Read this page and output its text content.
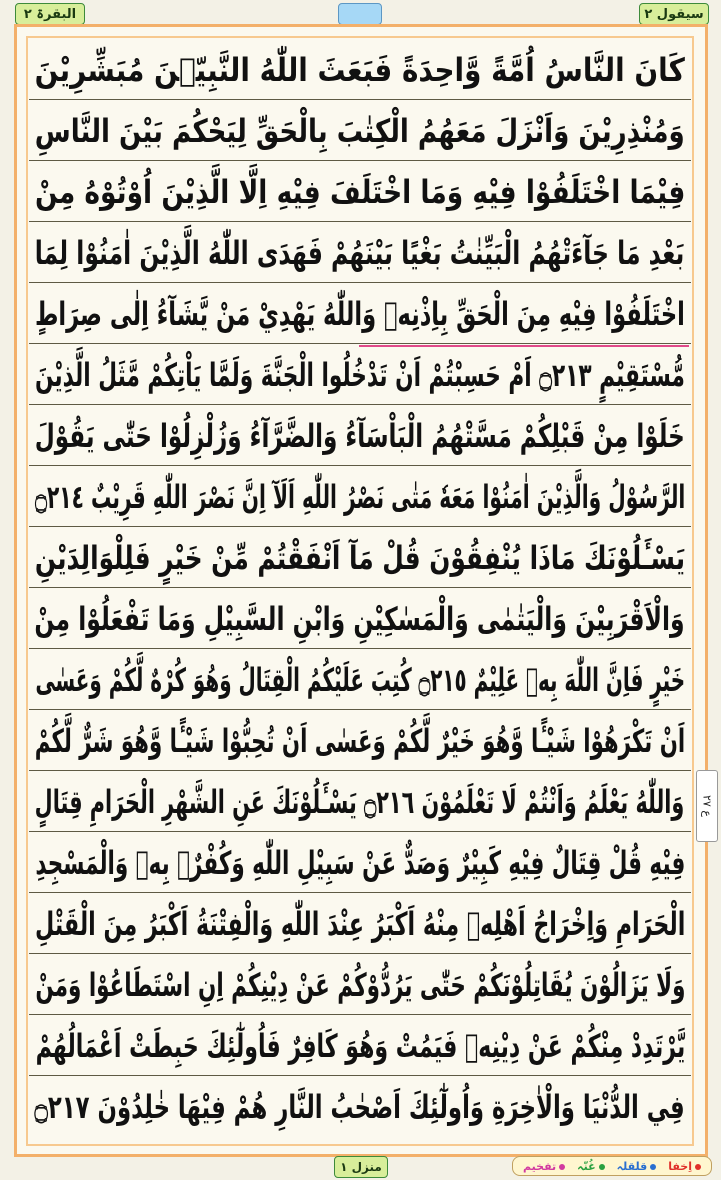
البقرۃ ۲	سیقول ۲
كَانَ النَّاسُ اُمَّةً وَّاحِدَةً فَبَعَثَ اللّٰهُ النَّبِيّٖنَ مُبَشِّرِيْنَ
وَمُنْذِرِيْنَ وَاَنْزَلَ مَعَهُمُ الْكِتٰبَ بِالْحَقِّ لِيَحْكُمَ بَيْنَ النَّاسِ
فِيْمَا اخْتَلَفُوْا فِيْهِ وَمَا اخْتَلَفَ فِيْهِ اِلَّا الَّذِيْنَ اُوْتُوْهُ مِنْ
بَعْدِ مَا جَآءَتْهُمُ الْبَيِّنٰتُ بَغْيًا بَيْنَهُمْ فَهَدَى اللّٰهُ الَّذِيْنَ اٰمَنُوْا لِمَا
اخْتَلَفُوْا فِيْهِ مِنَ الْحَقِّ بِاِذْنِهٖ وَاللّٰهُ يَهْدِيْ مَنْ يَّشَآءُ اِلٰى صِرَاطٍ
مُّسْتَقِيْمٍ ۝٢١٣ اَمْ حَسِبْتُمْ اَنْ تَدْخُلُوا الْجَنَّةَ وَلَمَّا يَاْتِكُمْ مَّثَلُ الَّذِيْنَ
خَلَوْا مِنْ قَبْلِكُمْ مَسَّتْهُمُ الْبَاْسَآءُ وَالضَّرَّآءُ وَزُلْزِلُوْا حَتّٰى يَقُوْلَ
الرَّسُوْلُ وَالَّذِيْنَ اٰمَنُوْا مَعَهٗ مَتٰى نَصْرُ اللّٰهِ اَلَآ اِنَّ نَصْرَ اللّٰهِ قَرِيْبٌ ۝٢١٤
يَسْـَٔلُوْنَكَ مَاذَا يُنْفِقُوْنَ قُلْ مَآ اَنْفَقْتُمْ مِّنْ خَيْرٍ فَلِلْوَالِدَيْنِ
وَالْاَقْرَبِيْنَ وَالْيَتٰمٰى وَالْمَسٰكِيْنِ وَابْنِ السَّبِيْلِ وَمَا تَفْعَلُوْا مِنْ
خَيْرٍ فَاِنَّ اللّٰهَ بِهٖ عَلِيْمٌ ۝٢١٥ كُتِبَ عَلَيْكُمُ الْقِتَالُ وَهُوَ كُرْهٌ لَّكُمْ وَعَسٰى
اَنْ تَكْرَهُوْا شَيْـًٔا وَّهُوَ خَيْرٌ لَّكُمْ وَعَسٰى اَنْ تُحِبُّوْا شَيْـًٔا وَّهُوَ شَرٌّ لَّكُمْ
وَاللّٰهُ يَعْلَمُ وَاَنْتُمْ لَا تَعْلَمُوْنَ ۝٢١٦ يَسْـَٔلُوْنَكَ عَنِ الشَّهْرِ الْحَرَامِ قِتَالٍ
فِيْهِ قُلْ قِتَالٌ فِيْهِ كَبِيْرٌ وَصَدٌّ عَنْ سَبِيْلِ اللّٰهِ وَكُفْرٌۢ بِهٖ وَالْمَسْجِدِ
الْحَرَامِ وَاِخْرَاجُ اَهْلِهٖ مِنْهُ اَكْبَرُ عِنْدَ اللّٰهِ وَالْفِتْنَةُ اَكْبَرُ مِنَ الْقَتْلِ
وَلَا يَزَالُوْنَ يُقَاتِلُوْنَكُمْ حَتّٰى يَرُدُّوْكُمْ عَنْ دِيْنِكُمْ اِنِ اسْتَطَاعُوْا وَمَنْ
يَّرْتَدِدْ مِنْكُمْ عَنْ دِيْنِهٖ فَيَمُتْ وَهُوَ كَافِرٌ فَاُولٰٓئِكَ حَبِطَتْ اَعْمَالُهُمْ
فِي الدُّنْيَا وَالْاٰخِرَةِ وَاُولٰٓئِكَ اَصْحٰبُ النَّارِ هُمْ فِيْهَا خٰلِدُوْنَ ۝٢١٧
ع ۲۷
منزل ۱	اِخفا
قلقلہ
غُنّہ
تفخیم
